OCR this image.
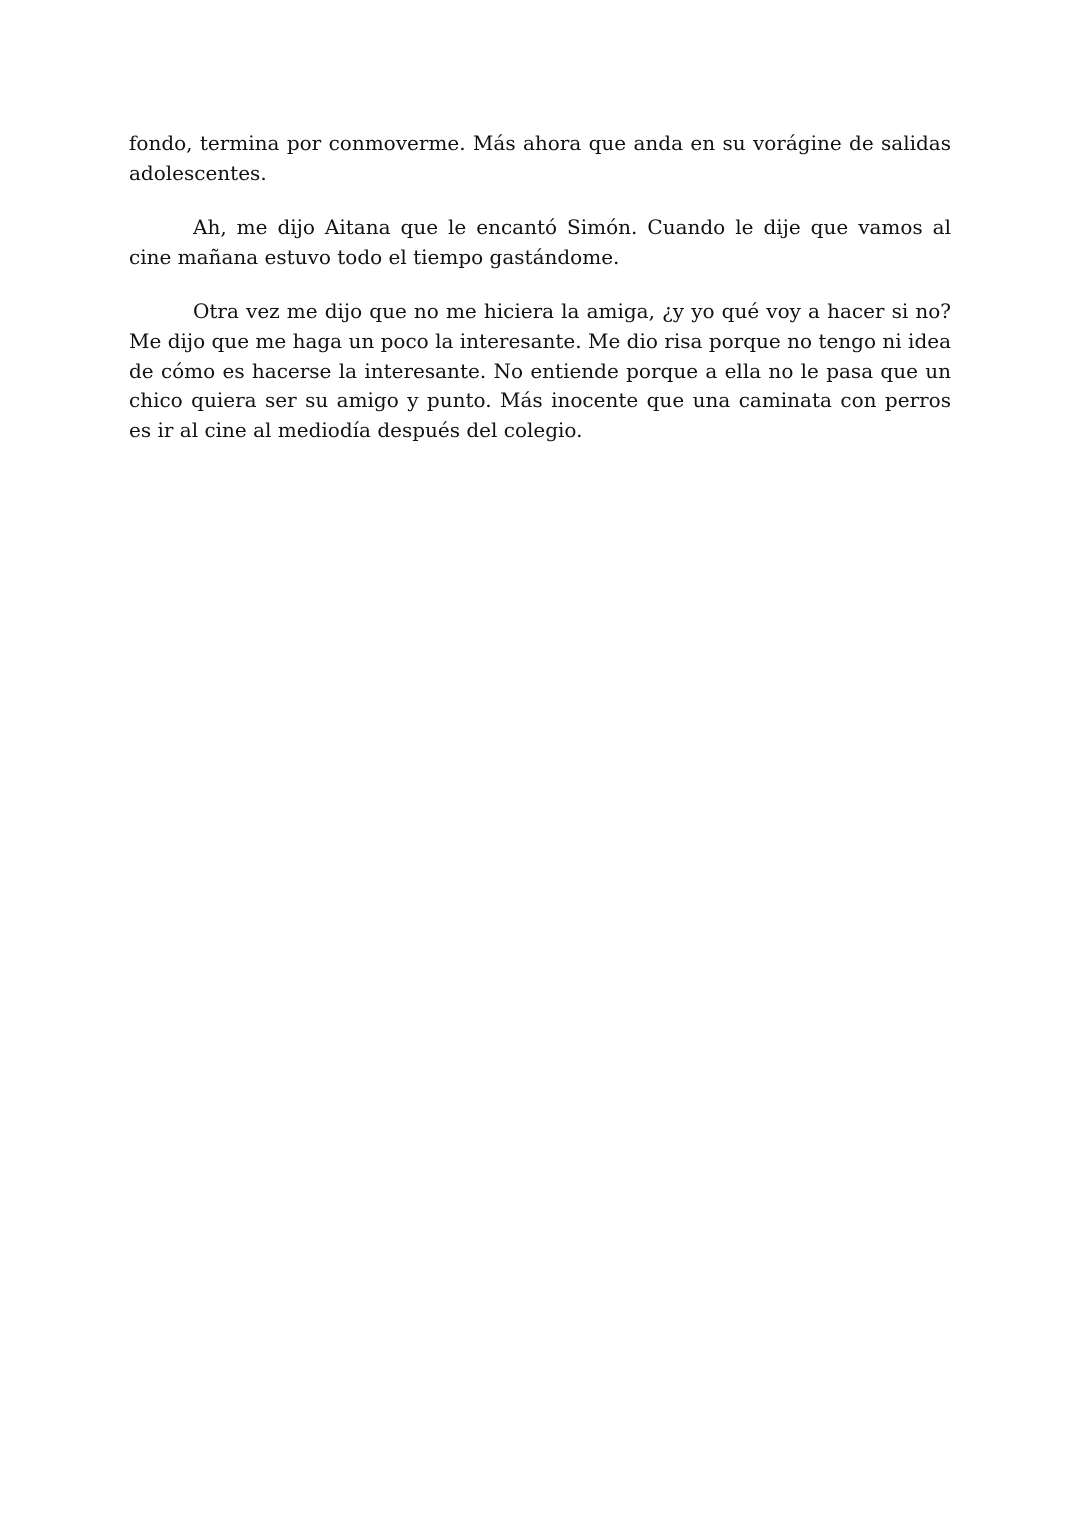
fondo, termina por conmoverme. Más ahora que anda en su vorágine de salidas adolescentes.

Ah, me dijo Aitana que le encantó Simón. Cuando le dije que vamos al cine mañana estuvo todo el tiempo gastándome.

Otra vez me dijo que no me hiciera la amiga, ¿y yo qué voy a hacer si no? Me dijo que me haga un poco la interesante. Me dio risa porque no tengo ni idea de cómo es hacerse la interesante. No entiende porque a ella no le pasa que un chico quiera ser su amigo y punto. Más inocente que una caminata con perros es ir al cine al mediodía después del colegio.
